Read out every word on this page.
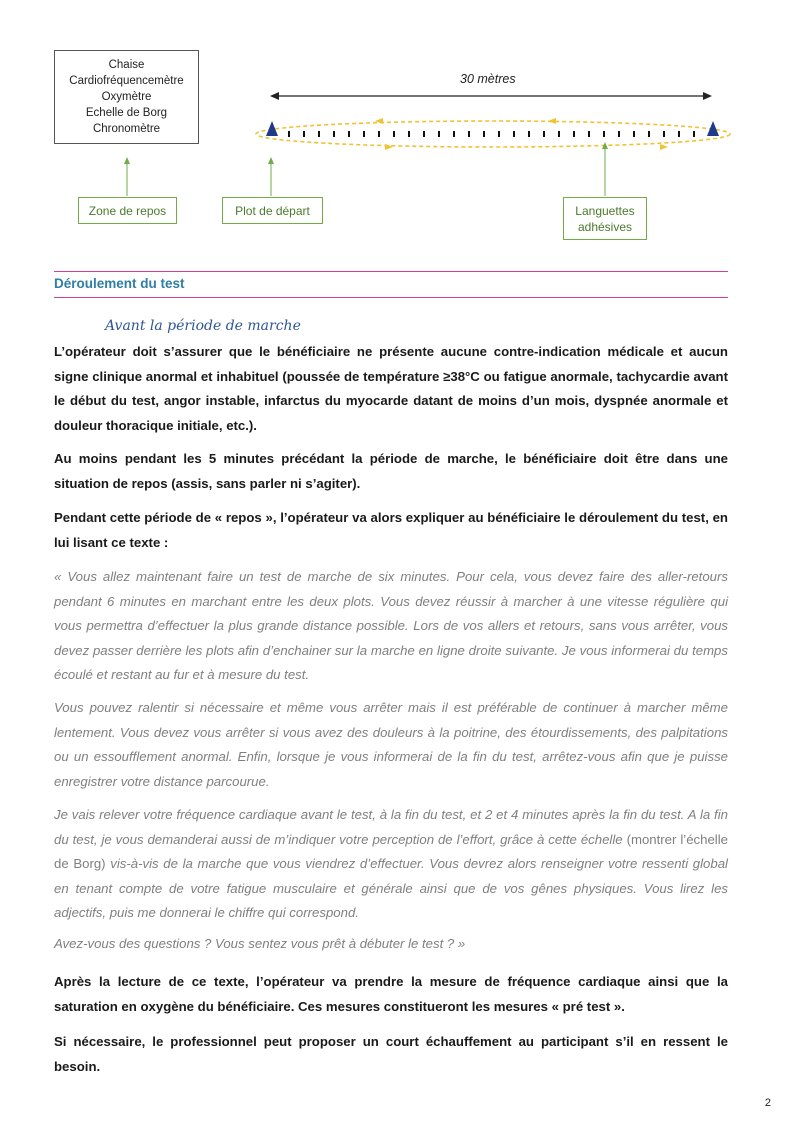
Chaise
Cardiofréquencemètre
Oxymètre
Echelle de Borg
Chronomètre
30 mètres
Zone de repos	Plot de départ	Languettes
adhésives
Déroulement du test
Avant la période de marche

L’opérateur doit s’assurer que le bénéficiaire ne présente aucune contre-indication médicale et aucun signe clinique anormal et inhabituel (poussée de température ≥38°C ou fatigue anormale, tachycardie avant le début du test, angor instable, infarctus du myocarde datant de moins d’un mois, dyspnée anormale et douleur thoracique initiale, etc.).

Au moins pendant les 5 minutes précédant la période de marche, le bénéficiaire doit être dans une situation de repos (assis, sans parler ni s’agiter).

Pendant cette période de « repos », l’opérateur va alors expliquer au bénéficiaire le déroulement du test, en lui lisant ce texte :

« Vous allez maintenant faire un test de marche de six minutes. Pour cela, vous devez faire des aller-retours pendant 6 minutes en marchant entre les deux plots. Vous devez réussir à marcher à une vitesse régulière qui vous permettra d’effectuer la plus grande distance possible. Lors de vos allers et retours, sans vous arrêter, vous devez passer derrière les plots afin d’enchainer sur la marche en ligne droite suivante. Je vous informerai du temps écoulé et restant au fur et à mesure du test.

Vous pouvez ralentir si nécessaire et même vous arrêter mais il est préférable de continuer à marcher même lentement. Vous devez vous arrêter si vous avez des douleurs à la poitrine, des étourdissements, des palpitations ou un essoufflement anormal. Enfin, lorsque je vous informerai de la fin du test, arrêtez-vous afin que je puisse enregistrer votre distance parcourue.

Je vais relever votre fréquence cardiaque avant le test, à la fin du test, et 2 et 4 minutes après la fin du test. A la fin du test, je vous demanderai aussi de m’indiquer votre perception de l’effort, grâce à cette échelle (montrer l’échelle de Borg) vis-à-vis de la marche que vous viendrez d’effectuer. Vous devrez alors renseigner votre ressenti global en tenant compte de votre fatigue musculaire et générale ainsi que de vos gênes physiques. Vous lirez les adjectifs, puis me donnerai le chiffre qui correspond.

Avez-vous des questions ? Vous sentez vous prêt à débuter le test ? »

Après la lecture de ce texte, l’opérateur va prendre la mesure de fréquence cardiaque ainsi que la saturation en oxygène du bénéficiaire. Ces mesures constitueront les mesures « pré test ».

Si nécessaire, le professionnel peut proposer un court échauffement au participant s’il en ressent le besoin.

2
